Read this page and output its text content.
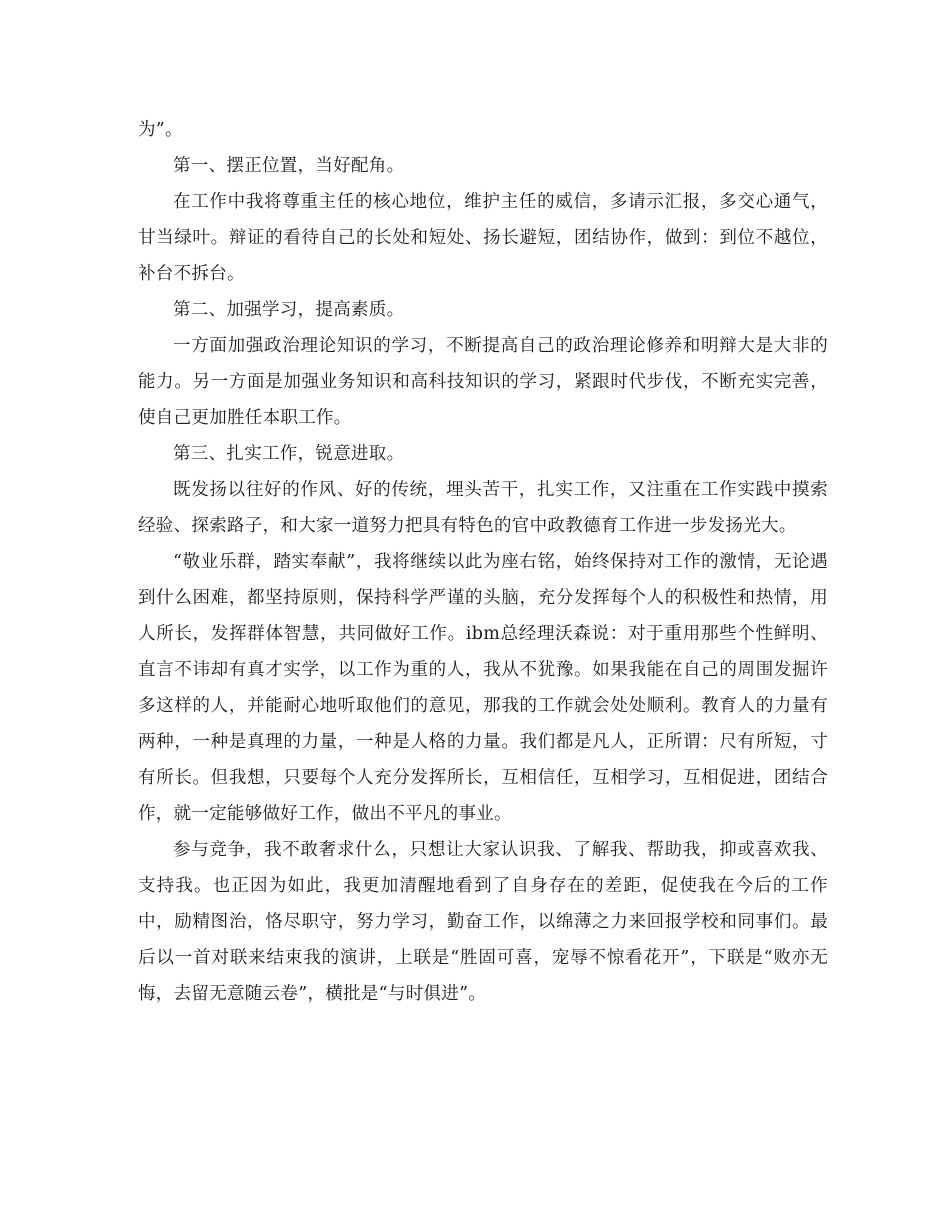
为”。

第一、摆正位置，当好配角。

在工作中我将尊重主任的核心地位，维护主任的威信，多请示汇报，多交心通气，甘当绿叶。辩证的看待自己的长处和短处、扬长避短，团结协作，做到：到位不越位，补台不拆台。

第二、加强学习，提高素质。

一方面加强政治理论知识的学习，不断提高自己的政治理论修养和明辩大是大非的能力。另一方面是加强业务知识和高科技知识的学习，紧跟时代步伐，不断充实完善，使自己更加胜任本职工作。

第三、扎实工作，锐意进取。

既发扬以往好的作风、好的传统，埋头苦干，扎实工作，又注重在工作实践中摸索经验、探索路子，和大家一道努力把具有特色的官中政教德育工作进一步发扬光大。

“敬业乐群，踏实奉献”，我将继续以此为座右铭，始终保持对工作的激情，无论遇到什么困难，都坚持原则，保持科学严谨的头脑，充分发挥每个人的积极性和热情，用人所长，发挥群体智慧，共同做好工作。ibm总经理沃森说：对于重用那些个性鲜明、直言不讳却有真才实学，以工作为重的人，我从不犹豫。如果我能在自己的周围发掘许多这样的人，并能耐心地听取他们的意见，那我的工作就会处处顺利。教育人的力量有两种，一种是真理的力量，一种是人格的力量。我们都是凡人，正所谓：尺有所短，寸有所长。但我想，只要每个人充分发挥所长，互相信任，互相学习，互相促进，团结合作，就一定能够做好工作，做出不平凡的事业。

参与竞争，我不敢奢求什么，只想让大家认识我、了解我、帮助我，抑或喜欢我、支持我。也正因为如此，我更加清醒地看到了自身存在的差距，促使我在今后的工作中，励精图治，恪尽职守，努力学习，勤奋工作，以绵薄之力来回报学校和同事们。最后以一首对联来结束我的演讲，上联是“胜固可喜，宠辱不惊看花开”，下联是“败亦无悔，去留无意随云卷”，横批是“与时俱进”。
